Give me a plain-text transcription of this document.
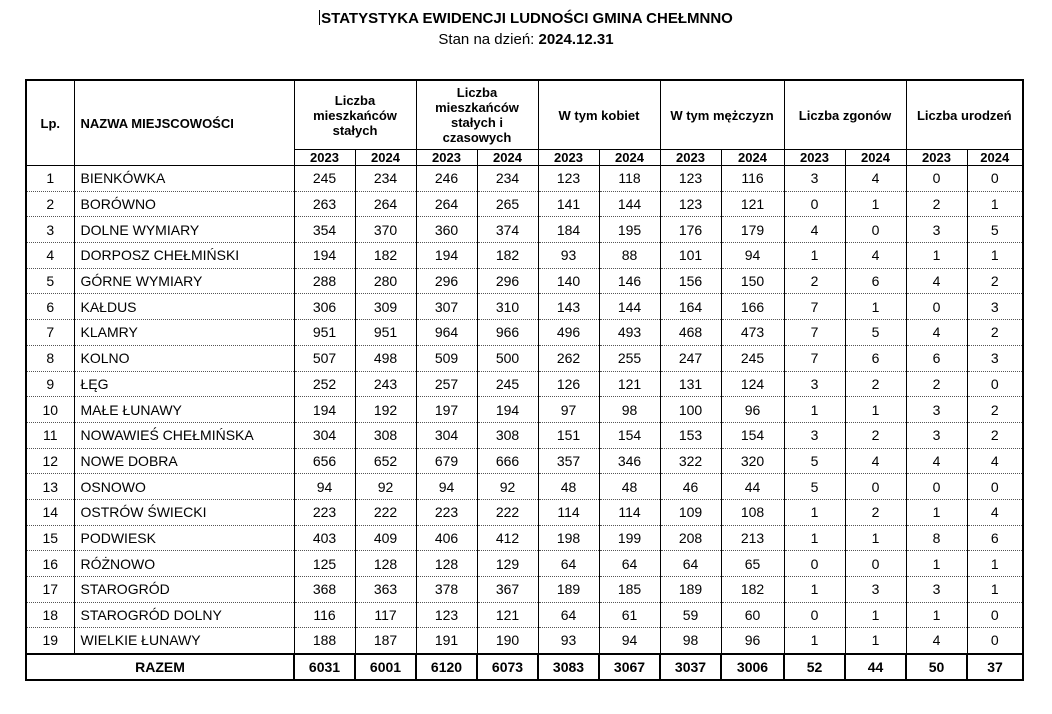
STATYSTYKA EWIDENCJI LUDNOŚCI GMINA CHEŁMNNO
Stan na dzień: 2024.12.31
Lp.	NAZWA MIEJSCOWOŚCI	Liczba mieszkańców stałych		Liczba mieszkańców stałych i czasowych		W tym kobiet		W tym mężczyzn		Liczba zgonów		Liczba urodzeń	
		2023	2024	2023	2024	2023	2024	2023	2024	2023	2024	2023	2024
1	BIENKÓWKA	245	234	246	234	123	118	123	116	3	4	0	0
2	BORÓWNO	263	264	264	265	141	144	123	121	0	1	2	1
3	DOLNE WYMIARY	354	370	360	374	184	195	176	179	4	0	3	5
4	DORPOSZ CHEŁMIŃSKI	194	182	194	182	93	88	101	94	1	4	1	1
5	GÓRNE WYMIARY	288	280	296	296	140	146	156	150	2	6	4	2
6	KAŁDUS	306	309	307	310	143	144	164	166	7	1	0	3
7	KLAMRY	951	951	964	966	496	493	468	473	7	5	4	2
8	KOLNO	507	498	509	500	262	255	247	245	7	6	6	3
9	ŁĘG	252	243	257	245	126	121	131	124	3	2	2	0
10	MAŁE ŁUNAWY	194	192	197	194	97	98	100	96	1	1	3	2
11	NOWAWIEŚ CHEŁMIŃSKA	304	308	304	308	151	154	153	154	3	2	3	2
12	NOWE DOBRA	656	652	679	666	357	346	322	320	5	4	4	4
13	OSNOWO	94	92	94	92	48	48	46	44	5	0	0	0
14	OSTRÓW ŚWIECKI	223	222	223	222	114	114	109	108	1	2	1	4
15	PODWIESK	403	409	406	412	198	199	208	213	1	1	8	6
16	RÓŻNOWO	125	128	128	129	64	64	64	65	0	0	1	1
17	STAROGRÓD	368	363	378	367	189	185	189	182	1	3	3	1
18	STAROGRÓD DOLNY	116	117	123	121	64	61	59	60	0	1	1	0
19	WIELKIE ŁUNAWY	188	187	191	190	93	94	98	96	1	1	4	0
RAZEM		6031	6001	6120	6073	3083	3067	3037	3006	52	44	50	37
